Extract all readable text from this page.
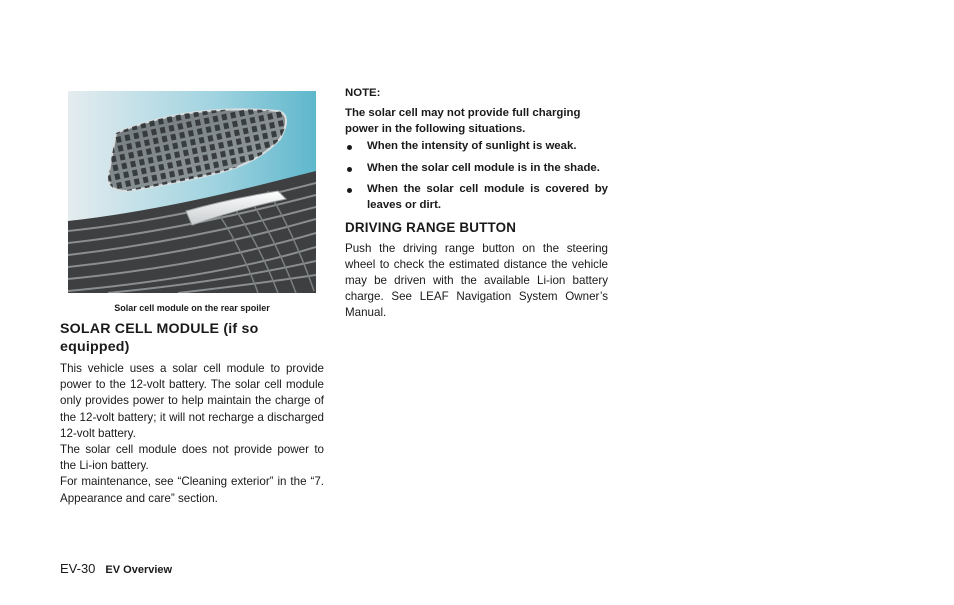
Solar cell module on the rear spoiler
SOLAR CELL MODULE (if so equipped)

This vehicle uses a solar cell module to provide power to the 12-volt battery. The solar cell module only provides power to help maintain the charge of the 12-volt battery; it will not recharge a discharged 12-volt battery.

The solar cell module does not provide power to the Li-ion battery.

For maintenance, see “Cleaning exterior” in the “7. Appearance and care” section.

NOTE:

The solar cell may not provide full charging power in the following situations.

When the intensity of sunlight is weak.
When the solar cell module is in the shade.
When the solar cell module is covered by leaves or dirt.
DRIVING RANGE BUTTON

Push the driving range button on the steering wheel to check the estimated distance the vehicle may be driven with the available Li-ion battery charge. See LEAF Navigation System Owner’s Manual.

EV-30 EV Overview
